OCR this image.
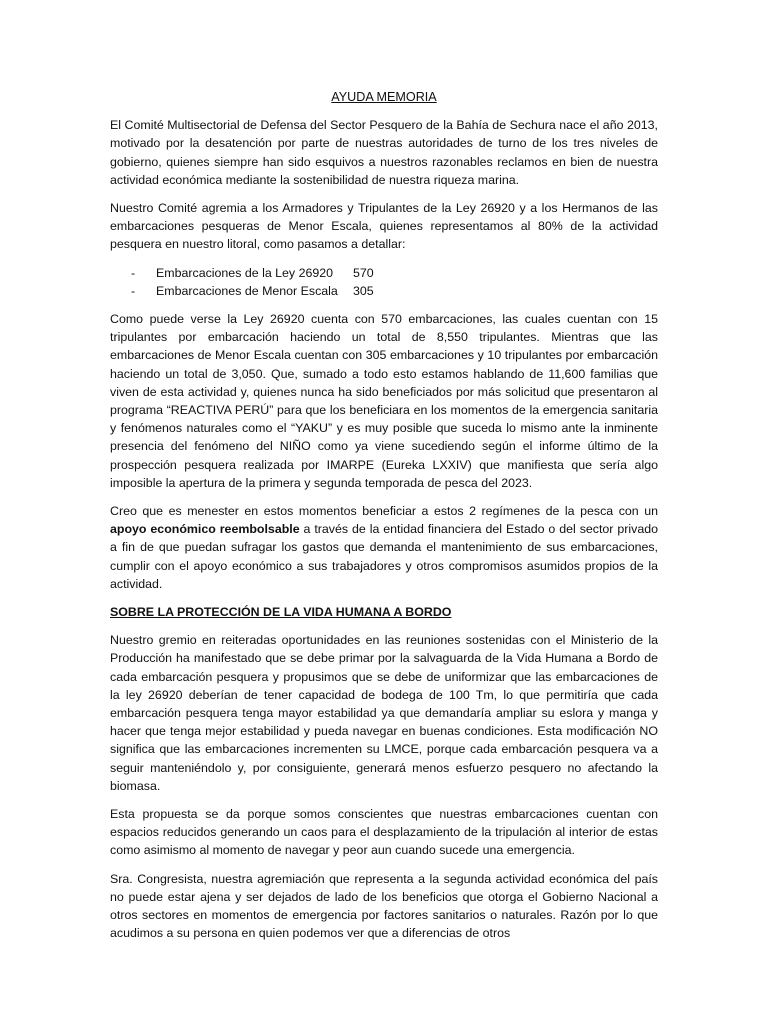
AYUDA MEMORIA

El Comité Multisectorial de Defensa del Sector Pesquero de la Bahía de Sechura nace el año 2013, motivado por la desatención por parte de nuestras autoridades de turno de los tres niveles de gobierno, quienes siempre han sido esquivos a nuestros razonables reclamos en bien de nuestra actividad económica mediante la sostenibilidad de nuestra riqueza marina.

Nuestro Comité agremia a los Armadores y Tripulantes de la Ley 26920 y a los Hermanos de las embarcaciones pesqueras de Menor Escala, quienes representamos al 80% de la actividad pesquera en nuestro litoral, como pasamos a detallar:

- Embarcaciones de la Ley 26920	570
- Embarcaciones de Menor Escala	305

Como puede verse la Ley 26920 cuenta con 570 embarcaciones, las cuales cuentan con 15 tripulantes por embarcación haciendo un total de 8,550 tripulantes. Mientras que las embarcaciones de Menor Escala cuentan con 305 embarcaciones y 10 tripulantes por embarcación haciendo un total de 3,050. Que, sumado a todo esto estamos hablando de 11,600 familias que viven de esta actividad y, quienes nunca ha sido beneficiados por más solicitud que presentaron al programa “REACTIVA PERÚ” para que los beneficiara en los momentos de la emergencia sanitaria y fenómenos naturales como el “YAKU” y es muy posible que suceda lo mismo ante la inminente presencia del fenómeno del NIÑO como ya viene sucediendo según el informe último de la prospección pesquera realizada por IMARPE (Eureka LXXIV) que manifiesta que sería algo imposible la apertura de la primera y segunda temporada de pesca del 2023.

Creo que es menester en estos momentos beneficiar a estos 2 regímenes de la pesca con un apoyo económico reembolsable a través de la entidad financiera del Estado o del sector privado a fin de que puedan sufragar los gastos que demanda el mantenimiento de sus embarcaciones, cumplir con el apoyo económico a sus trabajadores y otros compromisos asumidos propios de la actividad.

SOBRE LA PROTECCIÓN DE LA VIDA HUMANA A BORDO

Nuestro gremio en reiteradas oportunidades en las reuniones sostenidas con el Ministerio de la Producción ha manifestado que se debe primar por la salvaguarda de la Vida Humana a Bordo de cada embarcación pesquera y propusimos que se debe de uniformizar que las embarcaciones de la ley 26920 deberían de tener capacidad de bodega de 100 Tm, lo que permitiría que cada embarcación pesquera tenga mayor estabilidad ya que demandaría ampliar su eslora y manga y hacer que tenga mejor estabilidad y pueda navegar en buenas condiciones. Esta modificación NO significa que las embarcaciones incrementen su LMCE, porque cada embarcación pesquera va a seguir manteniéndolo y, por consiguiente, generará menos esfuerzo pesquero no afectando la biomasa.

Esta propuesta se da porque somos conscientes que nuestras embarcaciones cuentan con espacios reducidos generando un caos para el desplazamiento de la tripulación al interior de estas como asimismo al momento de navegar y peor aun cuando sucede una emergencia.

Sra. Congresista, nuestra agremiación que representa a la segunda actividad económica del país no puede estar ajena y ser dejados de lado de los beneficios que otorga el Gobierno Nacional a otros sectores en momentos de emergencia por factores sanitarios o naturales. Razón por lo que acudimos a su persona en quien podemos ver que a diferencias de otros
